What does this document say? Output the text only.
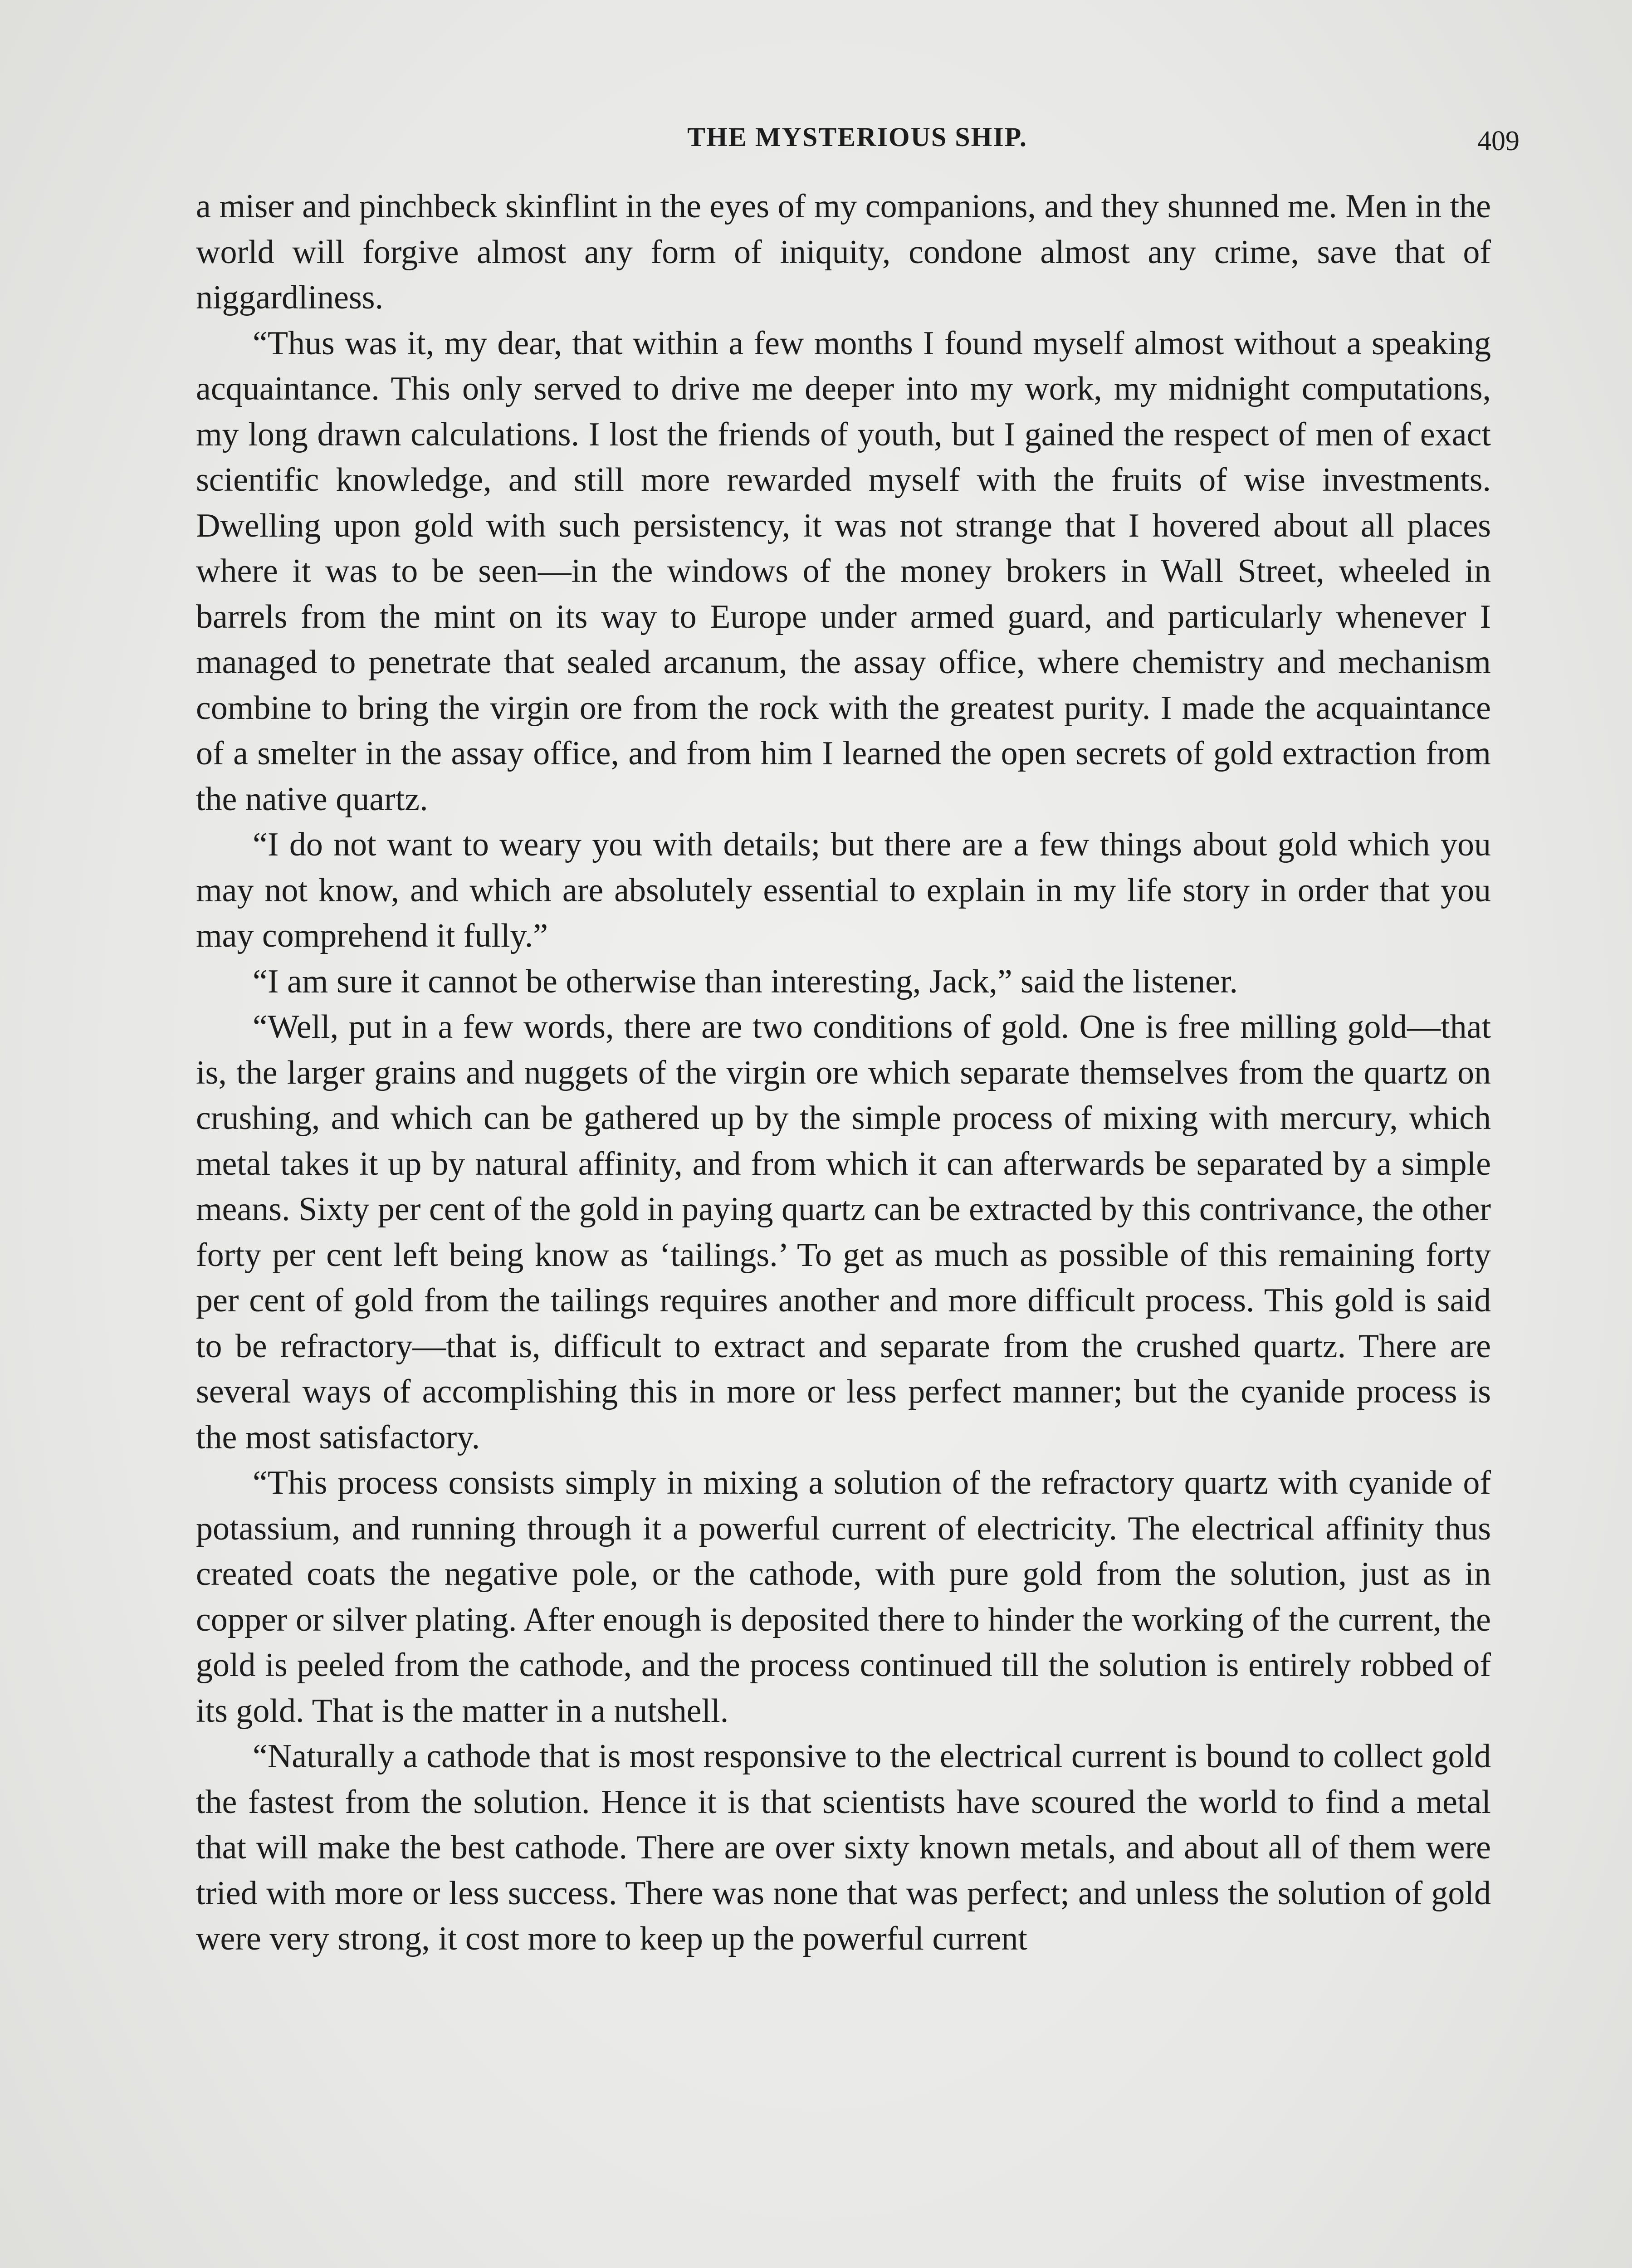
THE MYSTERIOUS SHIP.	409

a miser and pinchbeck skinflint in the eyes of my companions, and they shunned me. Men in the world will forgive almost any form of iniquity, condone almost any crime, save that of niggardliness.

“Thus was it, my dear, that within a few months I found myself almost without a speaking acquaintance. This only served to drive me deeper into my work, my midnight computations, my long drawn calculations. I lost the friends of youth, but I gained the respect of men of exact scientific knowledge, and still more rewarded myself with the fruits of wise investments. Dwelling upon gold with such persistency, it was not strange that I hovered about all places where it was to be seen—in the windows of the money brokers in Wall Street, wheeled in barrels from the mint on its way to Europe under armed guard, and particularly whenever I managed to penetrate that sealed arcanum, the assay office, where chemistry and mechanism combine to bring the virgin ore from the rock with the greatest purity. I made the acquaintance of a smelter in the assay office, and from him I learned the open secrets of gold extraction from the native quartz.

“I do not want to weary you with details; but there are a few things about gold which you may not know, and which are absolutely essential to explain in my life story in order that you may comprehend it fully.”

“I am sure it cannot be otherwise than interesting, Jack,” said the listener.

“Well, put in a few words, there are two conditions of gold. One is free milling gold—that is, the larger grains and nuggets of the virgin ore which separate themselves from the quartz on crushing, and which can be gathered up by the simple process of mixing with mercury, which metal takes it up by natural affinity, and from which it can afterwards be separated by a simple means. Sixty per cent of the gold in paying quartz can be extracted by this contrivance, the other forty per cent left being know as ‘tailings.’ To get as much as possible of this remaining forty per cent of gold from the tailings requires another and more difficult process. This gold is said to be refractory—that is, difficult to extract and separate from the crushed quartz. There are several ways of accomplishing this in more or less perfect manner; but the cyanide process is the most satisfactory.

“This process consists simply in mixing a solution of the refractory quartz with cyanide of potassium, and running through it a powerful current of electricity. The electrical affinity thus created coats the negative pole, or the cathode, with pure gold from the solution, just as in copper or silver plating. After enough is deposited there to hinder the working of the current, the gold is peeled from the cathode, and the process continued till the solution is entirely robbed of its gold. That is the matter in a nutshell.

“Naturally a cathode that is most responsive to the electrical current is bound to collect gold the fastest from the solution. Hence it is that scientists have scoured the world to find a metal that will make the best cathode. There are over sixty known metals, and about all of them were tried with more or less success. There was none that was perfect; and unless the solution of gold were very strong, it cost more to keep up the powerful current
